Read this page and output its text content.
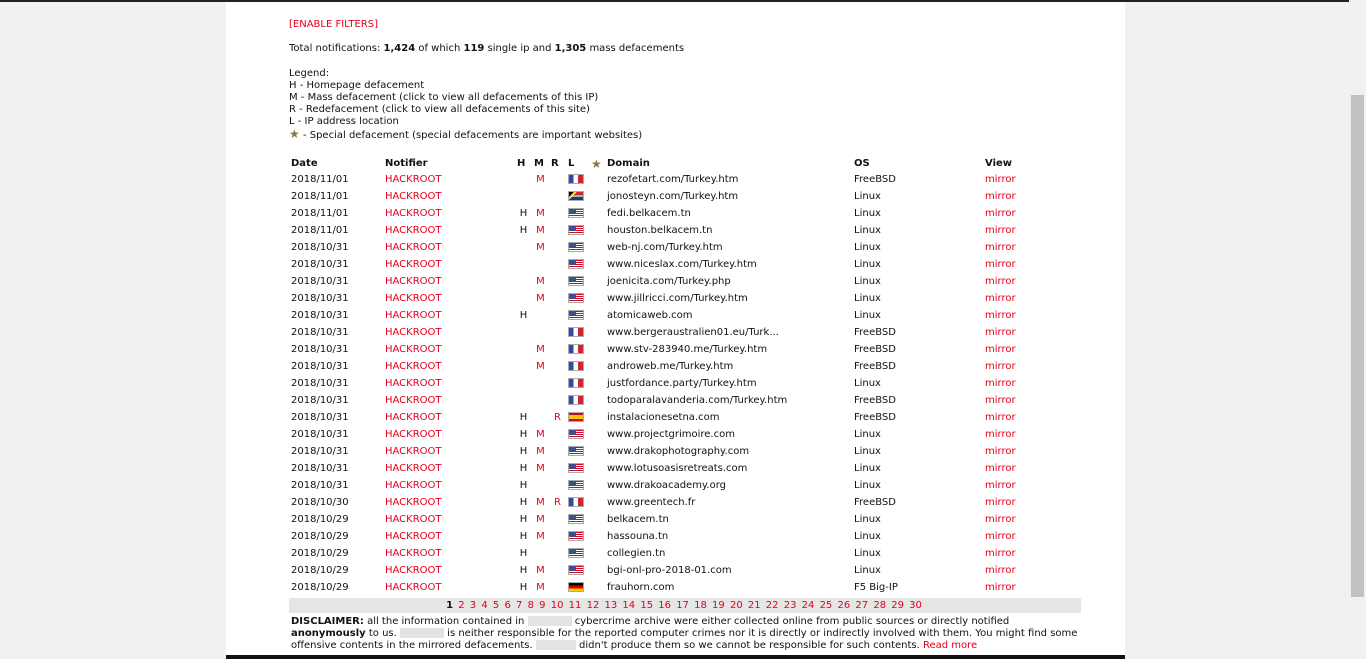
[ENABLE FILTERS]
Total notifications: 1,424 of which 119 single ip and 1,305 mass defacements
Legend:
H - Homepage defacement
M - Mass defacement (click to view all defacements of this IP)
R - Redefacement (click to view all defacements of this site)
L - IP address location
★ - Special defacement (special defacements are important websites)
Date	Notifier	H	M	R	L	★	Domain	OS	View
2018/11/01	HACKROOT		M				rezofetart.com/Turkey.htm	FreeBSD	mirror
2018/11/01	HACKROOT						jonosteyn.com/Turkey.htm	Linux	mirror
2018/11/01	HACKROOT	H	M				fedi.belkacem.tn	Linux	mirror
2018/11/01	HACKROOT	H	M				houston.belkacem.tn	Linux	mirror
2018/10/31	HACKROOT		M				web-nj.com/Turkey.htm	Linux	mirror
2018/10/31	HACKROOT						www.niceslax.com/Turkey.htm	Linux	mirror
2018/10/31	HACKROOT		M				joenicita.com/Turkey.php	Linux	mirror
2018/10/31	HACKROOT		M				www.jillricci.com/Turkey.htm	Linux	mirror
2018/10/31	HACKROOT	H					atomicaweb.com	Linux	mirror
2018/10/31	HACKROOT						www.bergeraustralien01.eu/Turk...	FreeBSD	mirror
2018/10/31	HACKROOT		M				www.stv-283940.me/Turkey.htm	FreeBSD	mirror
2018/10/31	HACKROOT		M				androweb.me/Turkey.htm	FreeBSD	mirror
2018/10/31	HACKROOT						justfordance.party/Turkey.htm	Linux	mirror
2018/10/31	HACKROOT						todoparalavanderia.com/Turkey.htm	FreeBSD	mirror
2018/10/31	HACKROOT	H		R			instalacionesetna.com	FreeBSD	mirror
2018/10/31	HACKROOT	H	M				www.projectgrimoire.com	Linux	mirror
2018/10/31	HACKROOT	H	M				www.drakophotography.com	Linux	mirror
2018/10/31	HACKROOT	H	M				www.lotusoasisretreats.com	Linux	mirror
2018/10/31	HACKROOT	H					www.drakoacademy.org	Linux	mirror
2018/10/30	HACKROOT	H	M	R			www.greentech.fr	FreeBSD	mirror
2018/10/29	HACKROOT	H	M				belkacem.tn	Linux	mirror
2018/10/29	HACKROOT	H	M				hassouna.tn	Linux	mirror
2018/10/29	HACKROOT	H					collegien.tn	Linux	mirror
2018/10/29	HACKROOT	H	M				bgi-onl-pro-2018-01.com	Linux	mirror
2018/10/29	HACKROOT	H	M				frauhorn.com	F5 Big-IP	mirror
1 2 3 4 5 6 7 8 9 10 11 12 13 14 15 16 17 18 19 20 21 22 23 24 25 26 27 28 29 30
DISCLAIMER: all the information contained in	cybercrime archive were either collected online from public sources or directly notified
anonymously to us.	is neither responsible for the reported computer crimes nor it is directly or indirectly involved with them. You might find some
offensive contents in the mirrored defacements.	didn't produce them so we cannot be responsible for such contents. Read more
